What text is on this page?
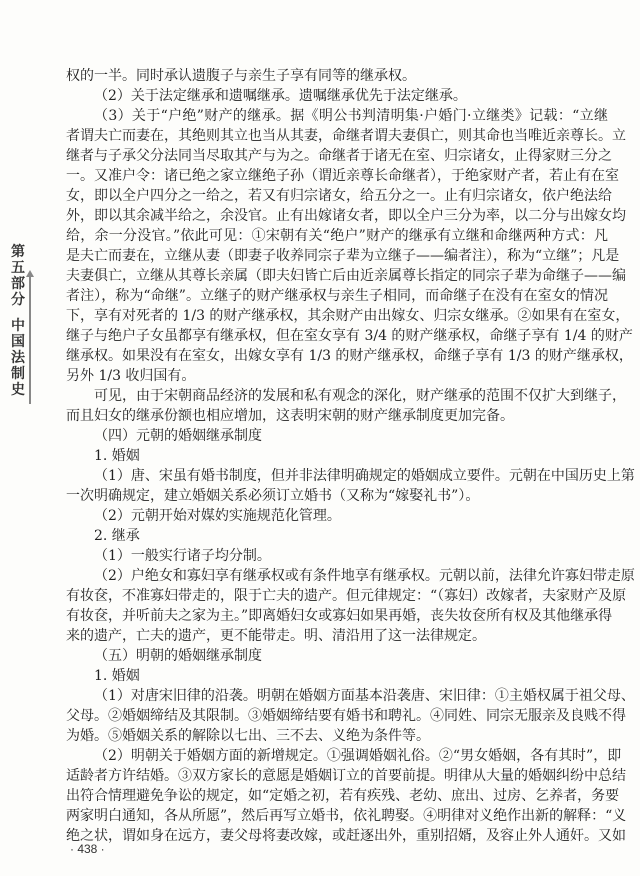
第
五
部
分
中
国
法
制
史
权的一半。同时承认遗腹子与亲生子享有同等的继承权。
（2）关于法定继承和遗嘱继承。遗嘱继承优先于法定继承。
（3）关于“户绝”财产的继承。据《明公书判清明集·户婚门·立继类》记载：“立继
者谓夫亡而妻在，其绝则其立也当从其妻，命继者谓夫妻俱亡，则其命也当唯近亲尊长。立
继者与子承父分法同当尽取其产与为之。命继者于诸无在室、归宗诸女，止得家财三分之
一。又准户令：诸已绝之家立继绝子孙（谓近亲尊长命继者），于绝家财产者，若止有在室
女，即以全户四分之一给之，若又有归宗诸女，给五分之一。止有归宗诸女，依户绝法给
外，即以其余减半给之，余没官。止有出嫁诸女者，即以全户三分为率，以二分与出嫁女均
给，余一分没官。”依此可见：①宋朝有关“绝户”财产的继承有立继和命继两种方式：凡
是夫亡而妻在，立继从妻（即妻子收养同宗子辈为立继子——编者注），称为“立继”；凡是
夫妻俱亡，立继从其尊长亲属（即夫妇皆亡后由近亲属尊长指定的同宗子辈为命继子——编
者注），称为“命继”。立继子的财产继承权与亲生子相同，而命继子在没有在室女的情况
下，享有对死者的 1/3 的财产继承权，其余财产由出嫁女、归宗女继承。②如果有在室女，
继子与绝户子女虽都享有继承权，但在室女享有 3/4 的财产继承权，命继子享有 1/4 的财产
继承权。如果没有在室女，出嫁女享有 1/3 的财产继承权，命继子享有 1/3 的财产继承权，
另外 1/3 收归国有。
可见，由于宋朝商品经济的发展和私有观念的深化，财产继承的范围不仅扩大到继子，
而且妇女的继承份额也相应增加，这表明宋朝的财产继承制度更加完备。
（四）元朝的婚姻继承制度
1. 婚姻
（1）唐、宋虽有婚书制度，但并非法律明确规定的婚姻成立要件。元朝在中国历史上第
一次明确规定，建立婚姻关系必须订立婚书（又称为“嫁娶礼书”）。
（2）元朝开始对媒妁实施规范化管理。
2. 继承
（1）一般实行诸子均分制。
（2）户绝女和寡妇享有继承权或有条件地享有继承权。元朝以前，法律允许寡妇带走原
有妆奁，不准寡妇带走的，限于亡夫的遗产。但元律规定：“（寡妇）改嫁者，夫家财产及原
有妆奁，并听前夫之家为主。”即离婚妇女或寡妇如果再婚，丧失妆奁所有权及其他继承得
来的遗产，亡夫的遗产，更不能带走。明、清沿用了这一法律规定。
（五）明朝的婚姻继承制度
1. 婚姻
（1）对唐宋旧律的沿袭。明朝在婚姻方面基本沿袭唐、宋旧律：①主婚权属于祖父母、
父母。②婚姻缔结及其限制。③婚姻缔结要有婚书和聘礼。④同姓、同宗无服亲及良贱不得
为婚。⑤婚姻关系的解除以七出、三不去、义绝为条件等。
（2）明朝关于婚姻方面的新增规定。①强调婚姻礼俗。②“男女婚姻，各有其时”，即
适龄者方许结婚。③双方家长的意愿是婚姻订立的首要前提。明律从大量的婚姻纠纷中总结
出符合情理避免争讼的规定，如“定婚之初，若有疾残、老幼、庶出、过房、乞养者，务要
两家明白通知，各从所愿”，然后再写立婚书，依礼聘娶。④明律对义绝作出新的解释：“义
绝之状，谓如身在远方，妻父母将妻改嫁，或赶逐出外，重别招婿，及容止外人通奸。又如
· 438 ·
